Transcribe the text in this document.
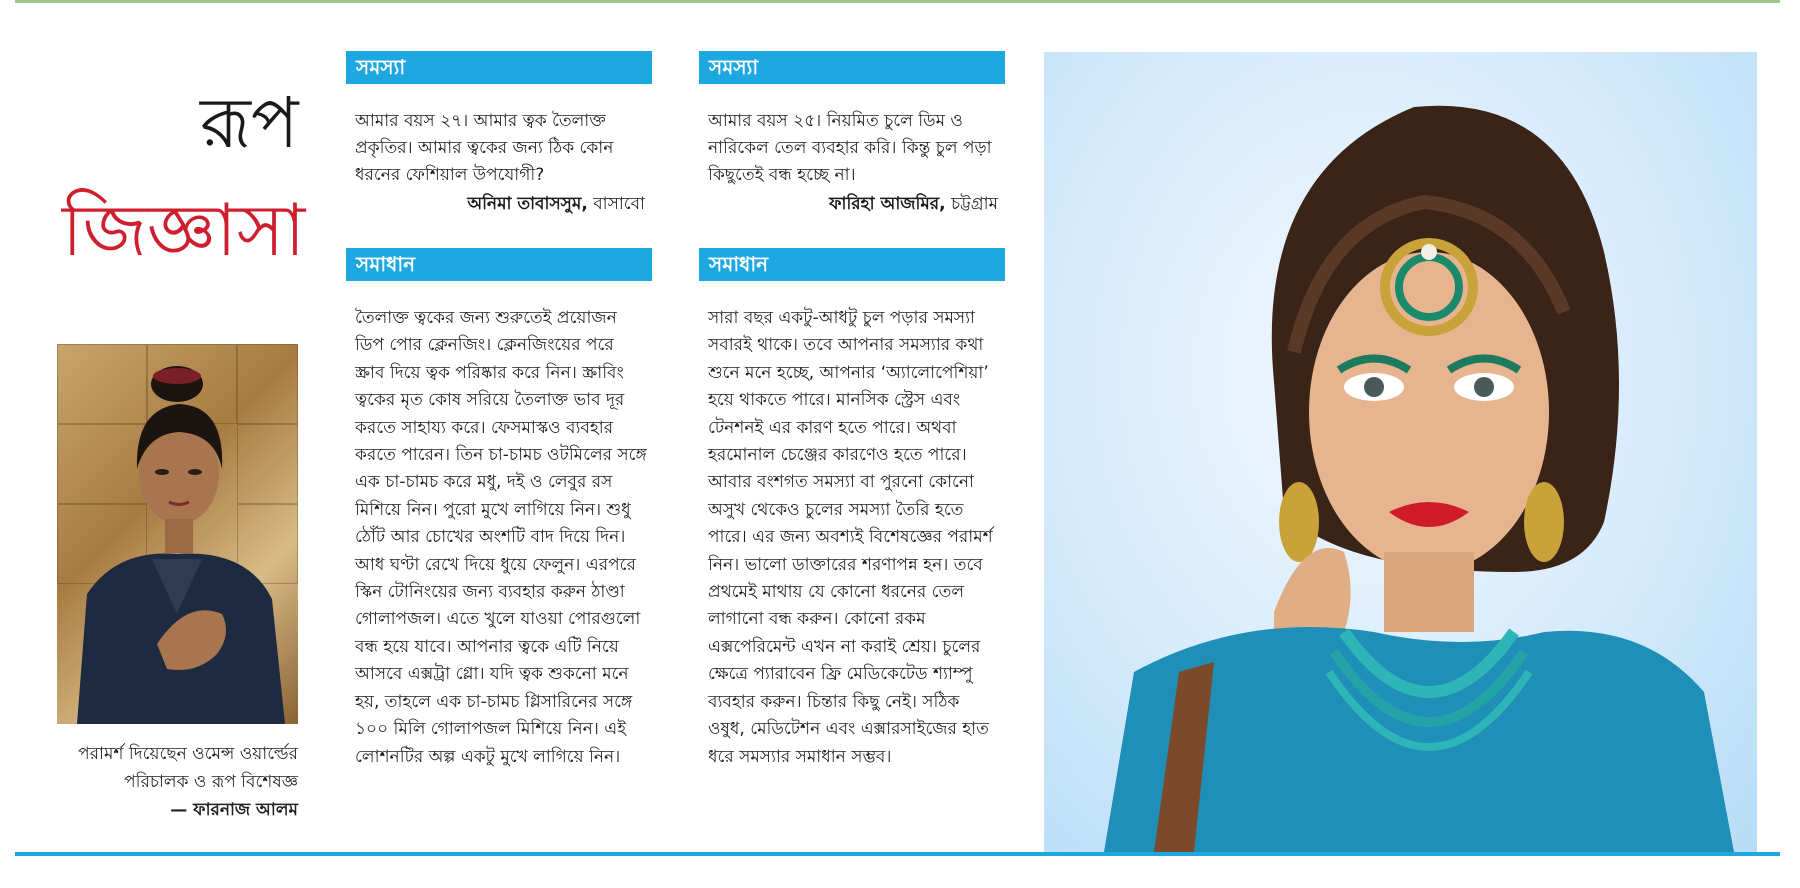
রূপ
জিজ্ঞাসা
পরামর্শ দিয়েছেন ওমেন্স ওয়ার্ল্ডের
পরিচালক ও রূপ বিশেষজ্ঞ
— ফারনাজ আলম
সমস্যা
আমার বয়স ২৭। আমার ত্বক তৈলাক্ত প্রকৃতির। আমার ত্বকের জন্য ঠিক কোন ধরনের ফেশিয়াল উপযোগী?
অনিমা তাবাসসুম, বাসাবো
সমাধান
তৈলাক্ত ত্বকের জন্য শুরুতেই প্রয়োজন ডিপ পোর ক্লেনজিং। ক্লেনজিংয়ের পরে স্ক্রাব দিয়ে ত্বক পরিষ্কার করে নিন। স্ক্রাবিং ত্বকের মৃত কোষ সরিয়ে তৈলাক্ত ভাব দূর করতে সাহায্য করে। ফেসমাস্কও ব্যবহার করতে পারেন। তিন চা-চামচ ওটমিলের সঙ্গে এক চা-চামচ করে মধু, দই ও লেবুর রস মিশিয়ে নিন। পুরো মুখে লাগিয়ে নিন। শুধু ঠোঁট আর চোখের অংশটি বাদ দিয়ে দিন। আধ ঘণ্টা রেখে দিয়ে ধুয়ে ফেলুন। এরপরে স্কিন টোনিংয়ের জন্য ব্যবহার করুন ঠাণ্ডা গোলাপজল। এতে খুলে যাওয়া পোরগুলো বন্ধ হয়ে যাবে। আপনার ত্বকে এটি নিয়ে আসবে এক্সট্রা গ্লো। যদি ত্বক শুকনো মনে হয়, তাহলে এক চা-চামচ গ্লিসারিনের সঙ্গে ১০০ মিলি গোলাপজল মিশিয়ে নিন। এই লোশনটির অল্প একটু মুখে লাগিয়ে নিন।
সমস্যা
আমার বয়স ২৫। নিয়মিত চুলে ডিম ও নারিকেল তেল ব্যবহার করি। কিন্তু চুল পড়া কিছুতেই বন্ধ হচ্ছে না।
ফারিহা আজমির, চট্টগ্রাম
সমাধান
সারা বছর একটু-আধটু চুল পড়ার সমস্যা সবারই থাকে। তবে আপনার সমস্যার কথা শুনে মনে হচ্ছে, আপনার ‘অ্যালোপেশিয়া’ হয়ে থাকতে পারে। মানসিক স্ট্রেস এবং টেনশনই এর কারণ হতে পারে। অথবা হরমোনাল চেঞ্জের কারণেও হতে পারে। আবার বংশগত সমস্যা বা পুরনো কোনো অসুখ থেকেও চুলের সমস্যা তৈরি হতে পারে। এর জন্য অবশ্যই বিশেষজ্ঞের পরামর্শ নিন। ভালো ডাক্তারের শরণাপন্ন হন। তবে প্রথমেই মাথায় যে কোনো ধরনের তেল লাগানো বন্ধ করুন। কোনো রকম এক্সপেরিমেন্ট এখন না করাই শ্রেয়। চুলের ক্ষেত্রে প্যারাবেন ফ্রি মেডিকেটেড শ্যাম্পু ব্যবহার করুন। চিন্তার কিছু নেই। সঠিক ওষুধ, মেডিটেশন এবং এক্সারসাইজের হাত ধরে সমস্যার সমাধান সম্ভব।
